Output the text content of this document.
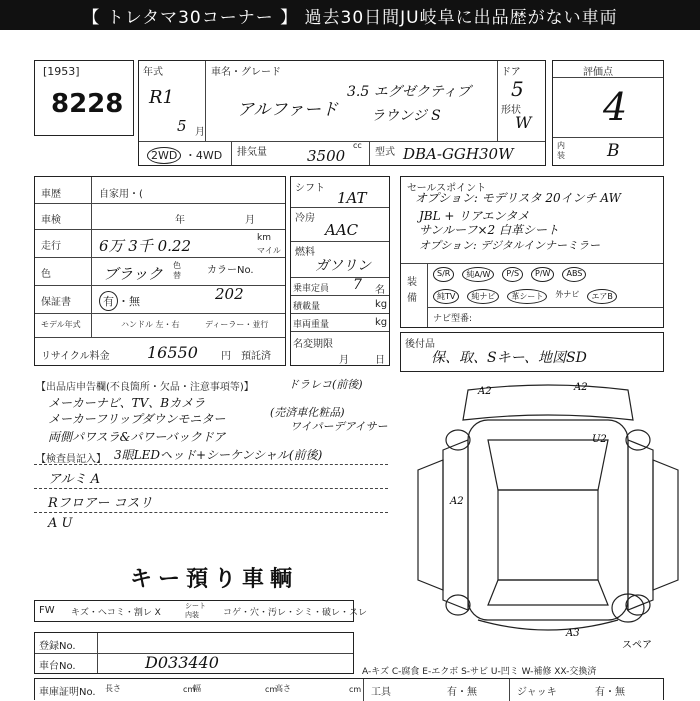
【 トレタマ30コーナー 】 過去30日間JU岐阜に出品歴がない車両
[1953]
8228
年式
R1
5 月
車名・グレード
アルファード
3.5 エグゼクティブ
ラウンジ S
ドア
5
形状
W
2WD ・4WD 排気量	3500
cc
型式 DBA-GGH30W
評価点
4
内装 B
車歴	自家用・(
車検	年	月
走行	6万 3千 0.22	km
マイル
色	ブラック 色替	カラーNo.
202
保証書	有 ・無
モデル年式	ハンドル 左・右	ディーラー・並行
リサイクル料金 16550 円 預託済
シフト
1AT
冷房
AAC
燃料
ガソリン
乗車定員 7 名
積載量	kg
車両重量	kg
名変期限
月	日
セールスポイント
オプション: モデリスタ 20インチ AW
JBL + リアエンタメ
サンルーフ×2 白革シート
オプション: デジタルインナーミラー
装備
S/R	純A/W	P/S	P/W	ABS
純TV	純ナビ	革シート	外ナビ	エアB
ナビ型番:
後付品
保、取、Sキー、地図SD
【出品店申告欄(不良箇所・欠品・注意事項等)】	ドラレコ(前後)
メーカーナビ、TV、Bカメラ
メーカーフリップダウンモニター	(売済車化粧品)
ワイパーデアイサー
両側パワスラ&パワーバックドア
【検査員記入】 3眼LEDヘッド+シーケンシャル(前後)
アルミ A
Rフロアー コスリ
A U
キー預り車輌
FW キズ・ヘコミ・割レ X
シート内装	コゲ・穴・汚レ・シミ・破レ・スレ
登録No.
車台No.	D033440
A2	A2
U2
A2
A3
スペア
A-キズ C-腐食 E-エクボ S-サビ U-凹ミ W-補修 XX-交換済
車庫証明No. 長さ	cm
幅	cm
高さ	cm 工具	有・無	ジャッキ	有・無
